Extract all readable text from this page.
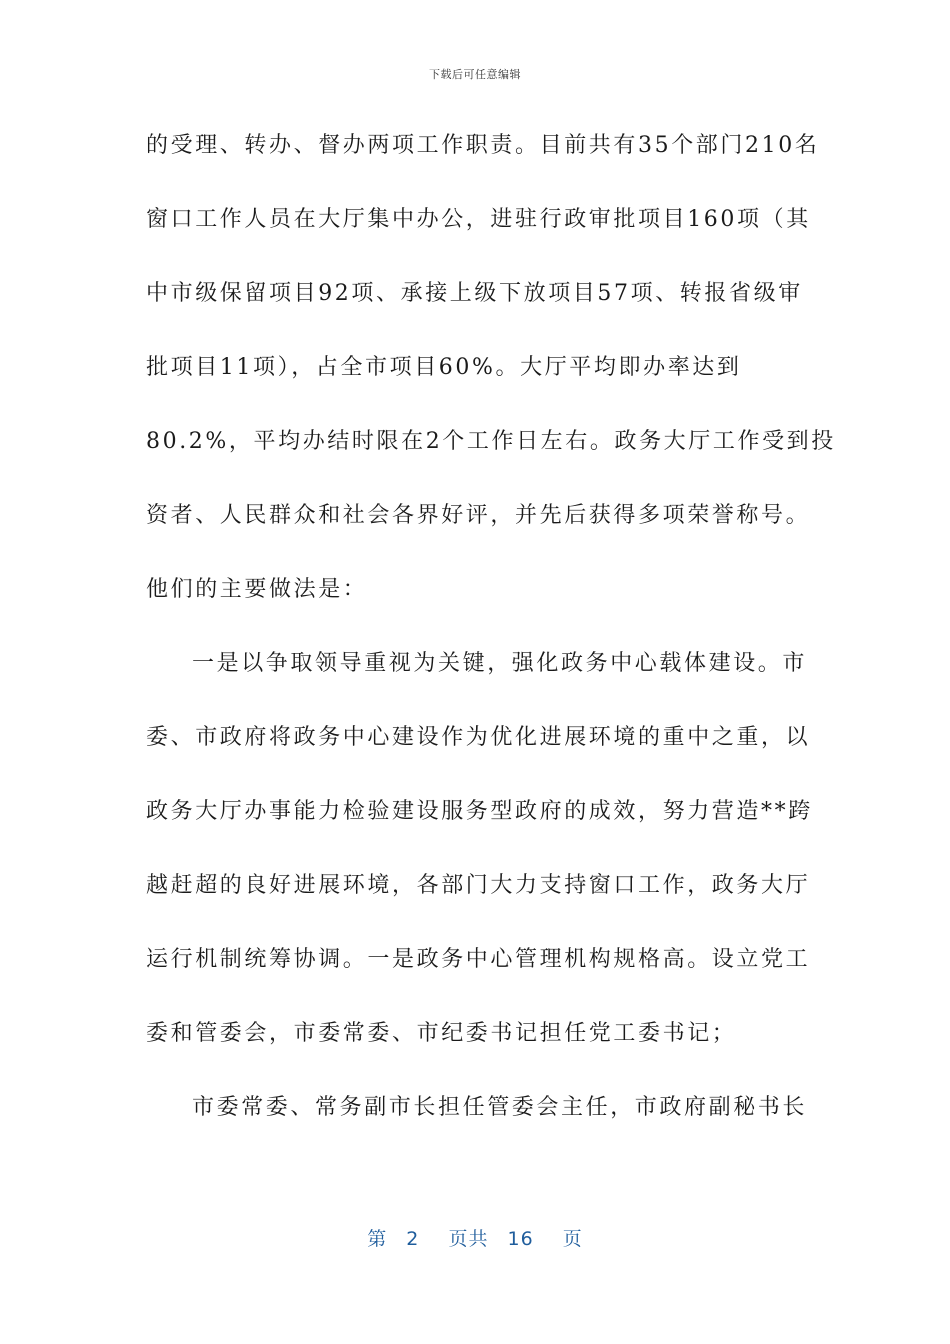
下载后可任意编辑
的受理、转办、督办两项工作职责。目前共有35个部门210名
窗口工作人员在大厅集中办公，进驻行政审批项目160项（其
中市级保留项目92项、承接上级下放项目57项、转报省级审
批项目11项），占全市项目60%。大厅平均即办率达到
80.2%，平均办结时限在2个工作日左右。政务大厅工作受到投
资者、人民群众和社会各界好评，并先后获得多项荣誉称号。
他们的主要做法是：
一是以争取领导重视为关键，强化政务中心载体建设。市
委、市政府将政务中心建设作为优化进展环境的重中之重，以
政务大厅办事能力检验建设服务型政府的成效，努力营造**跨
越赶超的良好进展环境，各部门大力支持窗口工作，政务大厅
运行机制统筹协调。一是政务中心管理机构规格高。设立党工
委和管委会，市委常委、市纪委书记担任党工委书记；
市委常委、常务副市长担任管委会主任，市政府副秘书长
第 2 页共 16 页
